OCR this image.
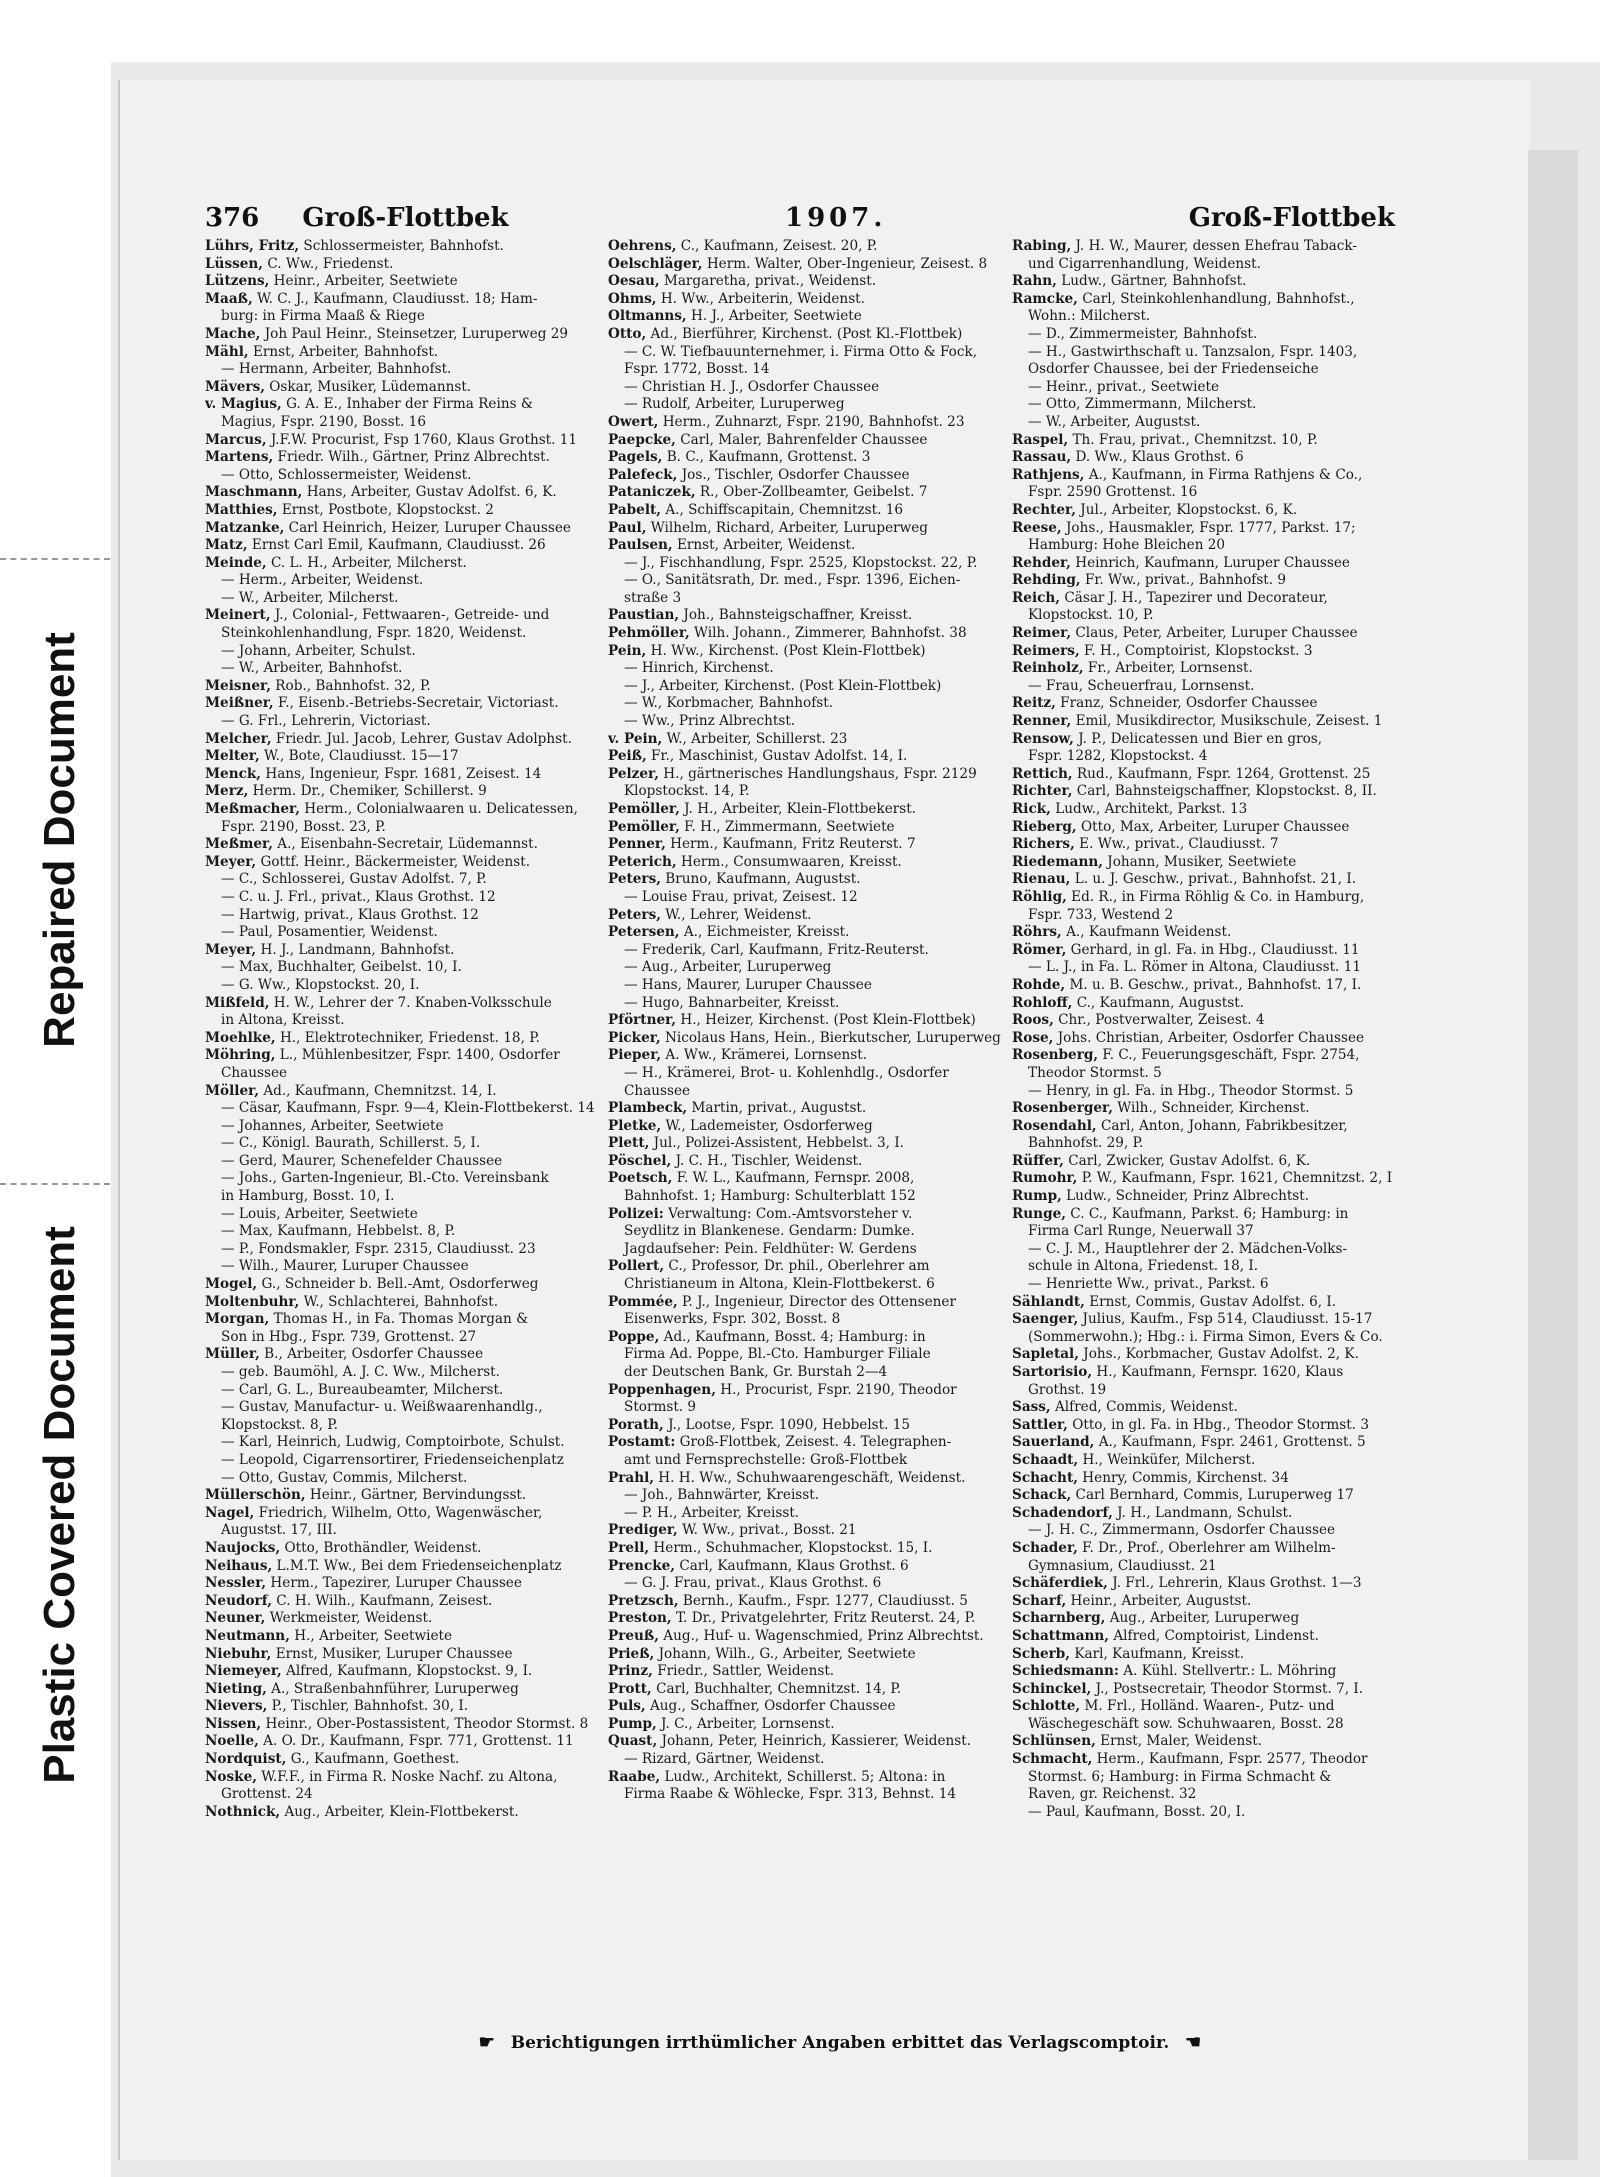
Repaired Document
Plastic Covered Document
376 Groß-Flottbek	1907.	Groß-Flottbek

Lührs, Fritz, Schlossermeister, Bahnhofst.

Lüssen, C. Ww., Friedenst.

Lützens, Heinr., Arbeiter, Seetwiete

Maaß, W. C. J., Kaufmann, Claudiusst. 18; Ham-

burg: in Firma Maaß & Riege

Mache, Joh Paul Heinr., Steinsetzer, Luruperweg 29

Mähl, Ernst, Arbeiter, Bahnhofst.

— Hermann, Arbeiter, Bahnhofst.

Mävers, Oskar, Musiker, Lüdemannst.

v. Magius, G. A. E., Inhaber der Firma Reins &

Magius, Fspr. 2190, Bosst. 16

Marcus, J.F.W. Procurist, Fsp 1760, Klaus Grothst. 11

Martens, Friedr. Wilh., Gärtner, Prinz Albrechtst.

— Otto, Schlossermeister, Weidenst.

Maschmann, Hans, Arbeiter, Gustav Adolfst. 6, K.

Matthies, Ernst, Postbote, Klopstockst. 2

Matzanke, Carl Heinrich, Heizer, Luruper Chaussee

Matz, Ernst Carl Emil, Kaufmann, Claudiusst. 26

Meinde, C. L. H., Arbeiter, Milcherst.

— Herm., Arbeiter, Weidenst.

— W., Arbeiter, Milcherst.

Meinert, J., Colonial-, Fettwaaren-, Getreide- und

Steinkohlenhandlung, Fspr. 1820, Weidenst.

— Johann, Arbeiter, Schulst.

— W., Arbeiter, Bahnhofst.

Meisner, Rob., Bahnhofst. 32, P.

Meißner, F., Eisenb.-Betriebs-Secretair, Victoriast.

— G. Frl., Lehrerin, Victoriast.

Melcher, Friedr. Jul. Jacob, Lehrer, Gustav Adolphst.

Melter, W., Bote, Claudiusst. 15—17

Menck, Hans, Ingenieur, Fspr. 1681, Zeisest. 14

Merz, Herm. Dr., Chemiker, Schillerst. 9

Meßmacher, Herm., Colonialwaaren u. Delicatessen,

Fspr. 2190, Bosst. 23, P.

Meßmer, A., Eisenbahn-Secretair, Lüdemannst.

Meyer, Gottf. Heinr., Bäckermeister, Weidenst.

— C., Schlosserei, Gustav Adolfst. 7, P.

— C. u. J. Frl., privat., Klaus Grothst. 12

— Hartwig, privat., Klaus Grothst. 12

— Paul, Posamentier, Weidenst.

Meyer, H. J., Landmann, Bahnhofst.

— Max, Buchhalter, Geibelst. 10, I.

— G. Ww., Klopstockst. 20, I.

Mißfeld, H. W., Lehrer der 7. Knaben-Volksschule

in Altona, Kreisst.

Moehlke, H., Elektrotechniker, Friedenst. 18, P.

Möhring, L., Mühlenbesitzer, Fspr. 1400, Osdorfer

Chaussee

Möller, Ad., Kaufmann, Chemnitzst. 14, I.

— Cäsar, Kaufmann, Fspr. 9—4, Klein-Flottbekerst. 14

— Johannes, Arbeiter, Seetwiete

— C., Königl. Baurath, Schillerst. 5, I.

— Gerd, Maurer, Schenefelder Chaussee

— Johs., Garten-Ingenieur, Bl.-Cto. Vereinsbank

in Hamburg, Bosst. 10, I.

— Louis, Arbeiter, Seetwiete

— Max, Kaufmann, Hebbelst. 8, P.

— P., Fondsmakler, Fspr. 2315, Claudiusst. 23

— Wilh., Maurer, Luruper Chaussee

Mogel, G., Schneider b. Bell.-Amt, Osdorferweg

Moltenbuhr, W., Schlachterei, Bahnhofst.

Morgan, Thomas H., in Fa. Thomas Morgan &

Son in Hbg., Fspr. 739, Grottenst. 27

Müller, B., Arbeiter, Osdorfer Chaussee

— geb. Baumöhl, A. J. C. Ww., Milcherst.

— Carl, G. L., Bureaubeamter, Milcherst.

— Gustav, Manufactur- u. Weißwaarenhandlg.,

Klopstockst. 8, P.

— Karl, Heinrich, Ludwig, Comptoirbote, Schulst.

— Leopold, Cigarrensortirer, Friedenseichenplatz

— Otto, Gustav, Commis, Milcherst.

Müllerschön, Heinr., Gärtner, Bervindungsst.

Nagel, Friedrich, Wilhelm, Otto, Wagenwäscher,

Augustst. 17, III.

Naujocks, Otto, Brothändler, Weidenst.

Neihaus, L.M.T. Ww., Bei dem Friedenseichenplatz

Nessler, Herm., Tapezirer, Luruper Chaussee

Neudorf, C. H. Wilh., Kaufmann, Zeisest.

Neuner, Werkmeister, Weidenst.

Neutmann, H., Arbeiter, Seetwiete

Niebuhr, Ernst, Musiker, Luruper Chaussee

Niemeyer, Alfred, Kaufmann, Klopstockst. 9, I.

Nieting, A., Straßenbahnführer, Luruperweg

Nievers, P., Tischler, Bahnhofst. 30, I.

Nissen, Heinr., Ober-Postassistent, Theodor Stormst. 8

Noelle, A. O. Dr., Kaufmann, Fspr. 771, Grottenst. 11

Nordquist, G., Kaufmann, Goethest.

Noske, W.F.F., in Firma R. Noske Nachf. zu Altona,

Grottenst. 24

Nothnick, Aug., Arbeiter, Klein-Flottbekerst.

Oehrens, C., Kaufmann, Zeisest. 20, P.

Oelschläger, Herm. Walter, Ober-Ingenieur, Zeisest. 8

Oesau, Margaretha, privat., Weidenst.

Ohms, H. Ww., Arbeiterin, Weidenst.

Oltmanns, H. J., Arbeiter, Seetwiete

Otto, Ad., Bierführer, Kirchenst. (Post Kl.-Flottbek)

— C. W. Tiefbauunternehmer, i. Firma Otto & Fock,

Fspr. 1772, Bosst. 14

— Christian H. J., Osdorfer Chaussee

— Rudolf, Arbeiter, Luruperweg

Owert, Herm., Zuhnarzt, Fspr. 2190, Bahnhofst. 23

Paepcke, Carl, Maler, Bahrenfelder Chaussee

Pagels, B. C., Kaufmann, Grottenst. 3

Palefeck, Jos., Tischler, Osdorfer Chaussee

Pataniczek, R., Ober-Zollbeamter, Geibelst. 7

Pabelt, A., Schiffscapitain, Chemnitzst. 16

Paul, Wilhelm, Richard, Arbeiter, Luruperweg

Paulsen, Ernst, Arbeiter, Weidenst.

— J., Fischhandlung, Fspr. 2525, Klopstockst. 22, P.

— O., Sanitätsrath, Dr. med., Fspr. 1396, Eichen-

straße 3

Paustian, Joh., Bahnsteigschaffner, Kreisst.

Pehmöller, Wilh. Johann., Zimmerer, Bahnhofst. 38

Pein, H. Ww., Kirchenst. (Post Klein-Flottbek)

— Hinrich, Kirchenst.

— J., Arbeiter, Kirchenst. (Post Klein-Flottbek)

— W., Korbmacher, Bahnhofst.

— Ww., Prinz Albrechtst.

v. Pein, W., Arbeiter, Schillerst. 23

Peiß, Fr., Maschinist, Gustav Adolfst. 14, I.

Pelzer, H., gärtnerisches Handlungshaus, Fspr. 2129

Klopstockst. 14, P.

Pemöller, J. H., Arbeiter, Klein-Flottbekerst.

Pemöller, F. H., Zimmermann, Seetwiete

Penner, Herm., Kaufmann, Fritz Reuterst. 7

Peterich, Herm., Consumwaaren, Kreisst.

Peters, Bruno, Kaufmann, Augustst.

— Louise Frau, privat, Zeisest. 12

Peters, W., Lehrer, Weidenst.

Petersen, A., Eichmeister, Kreisst.

— Frederik, Carl, Kaufmann, Fritz-Reuterst.

— Aug., Arbeiter, Luruperweg

— Hans, Maurer, Luruper Chaussee

— Hugo, Bahnarbeiter, Kreisst.

Pförtner, H., Heizer, Kirchenst. (Post Klein-Flottbek)

Picker, Nicolaus Hans, Hein., Bierkutscher, Luruperweg

Pieper, A. Ww., Krämerei, Lornsenst.

— H., Krämerei, Brot- u. Kohlenhdlg., Osdorfer

Chaussee

Plambeck, Martin, privat., Augustst.

Pletke, W., Lademeister, Osdorferweg

Plett, Jul., Polizei-Assistent, Hebbelst. 3, I.

Pöschel, J. C. H., Tischler, Weidenst.

Poetsch, F. W. L., Kaufmann, Fernspr. 2008,

Bahnhofst. 1; Hamburg: Schulterblatt 152

Polizei: Verwaltung: Com.-Amtsvorsteher v.

Seydlitz in Blankenese. Gendarm: Dumke.

Jagdaufseher: Pein. Feldhüter: W. Gerdens

Pollert, C., Professor, Dr. phil., Oberlehrer am

Christianeum in Altona, Klein-Flottbekerst. 6

Pommée, P. J., Ingenieur, Director des Ottensener

Eisenwerks, Fspr. 302, Bosst. 8

Poppe, Ad., Kaufmann, Bosst. 4; Hamburg: in

Firma Ad. Poppe, Bl.-Cto. Hamburger Filiale

der Deutschen Bank, Gr. Burstah 2—4

Poppenhagen, H., Procurist, Fspr. 2190, Theodor

Stormst. 9

Porath, J., Lootse, Fspr. 1090, Hebbelst. 15

Postamt: Groß-Flottbek, Zeisest. 4. Telegraphen-

amt und Fernsprechstelle: Groß-Flottbek

Prahl, H. H. Ww., Schuhwaarengeschäft, Weidenst.

— Joh., Bahnwärter, Kreisst.

— P. H., Arbeiter, Kreisst.

Prediger, W. Ww., privat., Bosst. 21

Prell, Herm., Schuhmacher, Klopstockst. 15, I.

Prencke, Carl, Kaufmann, Klaus Grothst. 6

— G. J. Frau, privat., Klaus Grothst. 6

Pretzsch, Bernh., Kaufm., Fspr. 1277, Claudiusst. 5

Preston, T. Dr., Privatgelehrter, Fritz Reuterst. 24, P.

Preuß, Aug., Huf- u. Wagenschmied, Prinz Albrechtst.

Prieß, Johann, Wilh., G., Arbeiter, Seetwiete

Prinz, Friedr., Sattler, Weidenst.

Prott, Carl, Buchhalter, Chemnitzst. 14, P.

Puls, Aug., Schaffner, Osdorfer Chaussee

Pump, J. C., Arbeiter, Lornsenst.

Quast, Johann, Peter, Heinrich, Kassierer, Weidenst.

— Rizard, Gärtner, Weidenst.

Raabe, Ludw., Architekt, Schillerst. 5; Altona: in

Firma Raabe & Wöhlecke, Fspr. 313, Behnst. 14

Rabing, J. H. W., Maurer, dessen Ehefrau Taback-

und Cigarrenhandlung, Weidenst.

Rahn, Ludw., Gärtner, Bahnhofst.

Ramcke, Carl, Steinkohlenhandlung, Bahnhofst.,

Wohn.: Milcherst.

— D., Zimmermeister, Bahnhofst.

— H., Gastwirthschaft u. Tanzsalon, Fspr. 1403,

Osdorfer Chaussee, bei der Friedenseiche

— Heinr., privat., Seetwiete

— Otto, Zimmermann, Milcherst.

— W., Arbeiter, Augustst.

Raspel, Th. Frau, privat., Chemnitzst. 10, P.

Rassau, D. Ww., Klaus Grothst. 6

Rathjens, A., Kaufmann, in Firma Rathjens & Co.,

Fspr. 2590 Grottenst. 16

Rechter, Jul., Arbeiter, Klopstockst. 6, K.

Reese, Johs., Hausmakler, Fspr. 1777, Parkst. 17;

Hamburg: Hohe Bleichen 20

Rehder, Heinrich, Kaufmann, Luruper Chaussee

Rehding, Fr. Ww., privat., Bahnhofst. 9

Reich, Cäsar J. H., Tapezirer und Decorateur,

Klopstockst. 10, P.

Reimer, Claus, Peter, Arbeiter, Luruper Chaussee

Reimers, F. H., Comptoirist, Klopstockst. 3

Reinholz, Fr., Arbeiter, Lornsenst.

— Frau, Scheuerfrau, Lornsenst.

Reitz, Franz, Schneider, Osdorfer Chaussee

Renner, Emil, Musikdirector, Musikschule, Zeisest. 1

Rensow, J. P., Delicatessen und Bier en gros,

Fspr. 1282, Klopstockst. 4

Rettich, Rud., Kaufmann, Fspr. 1264, Grottenst. 25

Richter, Carl, Bahnsteigschaffner, Klopstockst. 8, II.

Rick, Ludw., Architekt, Parkst. 13

Rieberg, Otto, Max, Arbeiter, Luruper Chaussee

Richers, E. Ww., privat., Claudiusst. 7

Riedemann, Johann, Musiker, Seetwiete

Rienau, L. u. J. Geschw., privat., Bahnhofst. 21, I.

Röhlig, Ed. R., in Firma Röhlig & Co. in Hamburg,

Fspr. 733, Westend 2

Röhrs, A., Kaufmann Weidenst.

Römer, Gerhard, in gl. Fa. in Hbg., Claudiusst. 11

— L. J., in Fa. L. Römer in Altona, Claudiusst. 11

Rohde, M. u. B. Geschw., privat., Bahnhofst. 17, I.

Rohloff, C., Kaufmann, Augustst.

Roos, Chr., Postverwalter, Zeisest. 4

Rose, Johs. Christian, Arbeiter, Osdorfer Chaussee

Rosenberg, F. C., Feuerungsgeschäft, Fspr. 2754,

Theodor Stormst. 5

— Henry, in gl. Fa. in Hbg., Theodor Stormst. 5

Rosenberger, Wilh., Schneider, Kirchenst.

Rosendahl, Carl, Anton, Johann, Fabrikbesitzer,

Bahnhofst. 29, P.

Rüffer, Carl, Zwicker, Gustav Adolfst. 6, K.

Rumohr, P. W., Kaufmann, Fspr. 1621, Chemnitzst. 2, I

Rump, Ludw., Schneider, Prinz Albrechtst.

Runge, C. C., Kaufmann, Parkst. 6; Hamburg: in

Firma Carl Runge, Neuerwall 37

— C. J. M., Hauptlehrer der 2. Mädchen-Volks-

schule in Altona, Friedenst. 18, I.

— Henriette Ww., privat., Parkst. 6

Sählandt, Ernst, Commis, Gustav Adolfst. 6, I.

Saenger, Julius, Kaufm., Fsp 514, Claudiusst. 15-17

(Sommerwohn.); Hbg.: i. Firma Simon, Evers & Co.

Sapletal, Johs., Korbmacher, Gustav Adolfst. 2, K.

Sartorisio, H., Kaufmann, Fernspr. 1620, Klaus

Grothst. 19

Sass, Alfred, Commis, Weidenst.

Sattler, Otto, in gl. Fa. in Hbg., Theodor Stormst. 3

Sauerland, A., Kaufmann, Fspr. 2461, Grottenst. 5

Schaadt, H., Weinküfer, Milcherst.

Schacht, Henry, Commis, Kirchenst. 34

Schack, Carl Bernhard, Commis, Luruperweg 17

Schadendorf, J. H., Landmann, Schulst.

— J. H. C., Zimmermann, Osdorfer Chaussee

Schader, F. Dr., Prof., Oberlehrer am Wilhelm-

Gymnasium, Claudiusst. 21

Schäferdiek, J. Frl., Lehrerin, Klaus Grothst. 1—3

Scharf, Heinr., Arbeiter, Augustst.

Scharnberg, Aug., Arbeiter, Luruperweg

Schattmann, Alfred, Comptoirist, Lindenst.

Scherb, Karl, Kaufmann, Kreisst.

Schiedsmann: A. Kühl. Stellvertr.: L. Möhring

Schinckel, J., Postsecretair, Theodor Stormst. 7, I.

Schlotte, M. Frl., Holländ. Waaren-, Putz- und

Wäschegeschäft sow. Schuhwaaren, Bosst. 28

Schlünsen, Ernst, Maler, Weidenst.

Schmacht, Herm., Kaufmann, Fspr. 2577, Theodor

Stormst. 6; Hamburg: in Firma Schmacht &

Raven, gr. Reichenst. 32

— Paul, Kaufmann, Bosst. 20, I.

☛ Berichtigungen irrthümlicher Angaben erbittet das Verlagscomptoir. ☛
